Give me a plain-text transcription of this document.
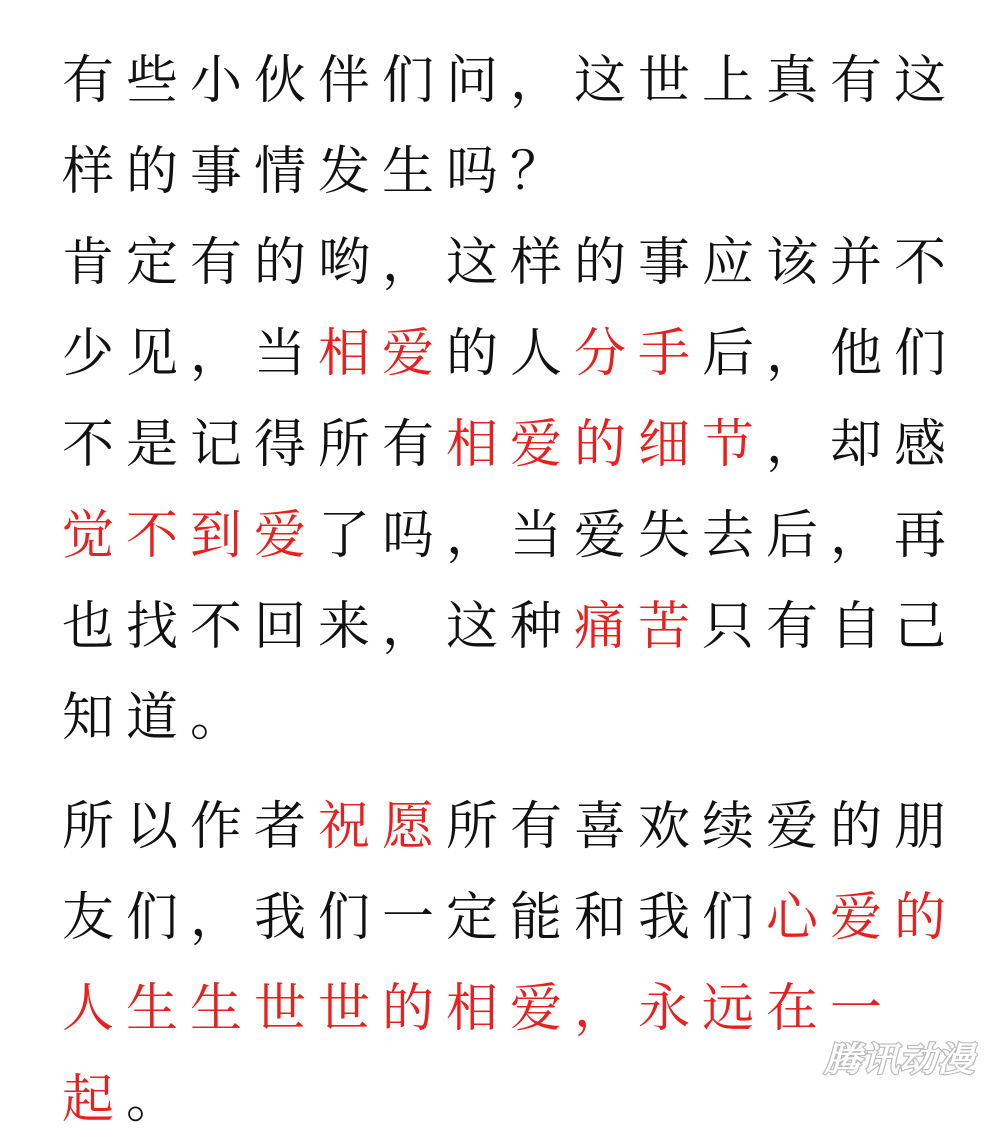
有些小伙伴们问，这世上真有这样的事情发生吗？
肯定有的哟，这样的事应该并不少见，当相爱的人分手后，他们不是记得所有相爱的细节，却感觉不到爱了吗，当爱失去后，再也找不回来，这种痛苦只有自己知道。
所以作者祝愿所有喜欢续爱的朋友们，我们一定能和我们心爱的人生生世世的相爱，永远在一起。
腾讯动漫
